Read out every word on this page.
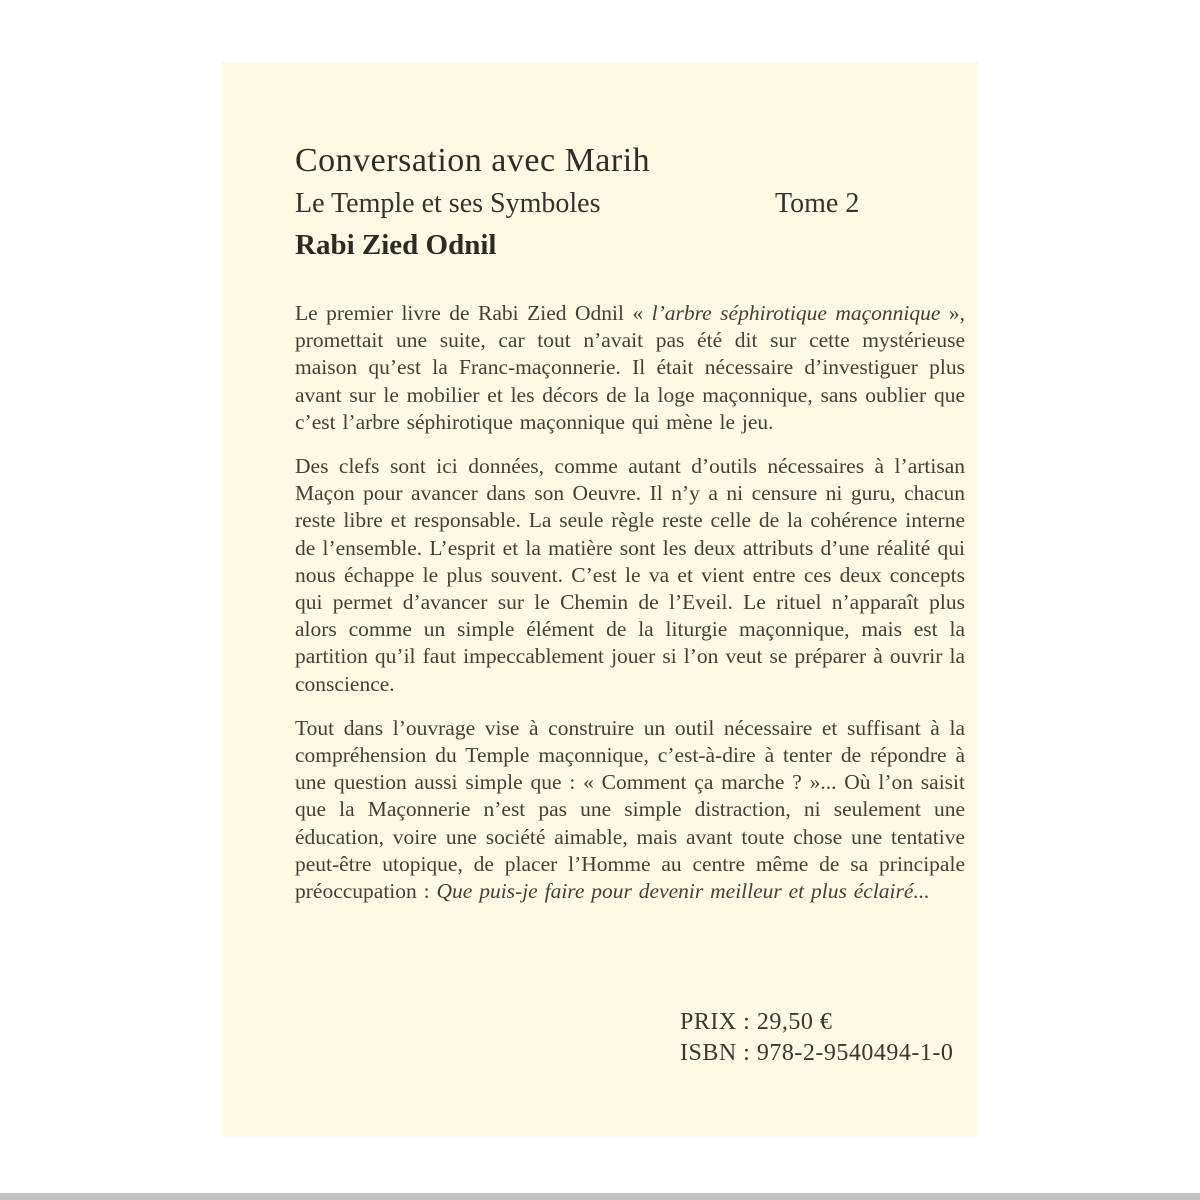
Conversation avec Marih
Le Temple et ses Symboles	Tome 2
Rabi Zied Odnil

Le premier livre de Rabi Zied Odnil « l’arbre séphirotique maçonnique », promettait une suite, car tout n’avait pas été dit sur cette mystérieuse maison qu’est la Franc-maçonnerie. Il était nécessaire d’investiguer plus avant sur le mobilier et les décors de la loge maçonnique, sans oublier que c’est l’arbre séphirotique maçonnique qui mène le jeu.

Des clefs sont ici données, comme autant d’outils nécessaires à l’artisan Maçon pour avancer dans son Oeuvre. Il n’y a ni censure ni guru, chacun reste libre et responsable. La seule règle reste celle de la cohérence interne de l’ensemble. L’esprit et la matière sont les deux attributs d’une réalité qui nous échappe le plus souvent. C’est le va et vient entre ces deux concepts qui permet d’avancer sur le Chemin de l’Eveil. Le rituel n’apparaît plus alors comme un simple élément de la liturgie maçonnique, mais est la partition qu’il faut impeccablement jouer si l’on veut se préparer à ouvrir la conscience.

Tout dans l’ouvrage vise à construire un outil nécessaire et suffisant à la compréhension du Temple maçonnique, c’est-à-dire à tenter de répondre à une question aussi simple que : « Comment ça marche ? »... Où l’on saisit que la Maçonnerie n’est pas une simple distraction, ni seulement une éducation, voire une société aimable, mais avant toute chose une tentative peut-être utopique, de placer l’Homme au centre même de sa principale préoccupation : Que puis-je faire pour devenir meilleur et plus éclairé...

PRIX : 29,50 €
ISBN : 978-2-9540494-1-0
